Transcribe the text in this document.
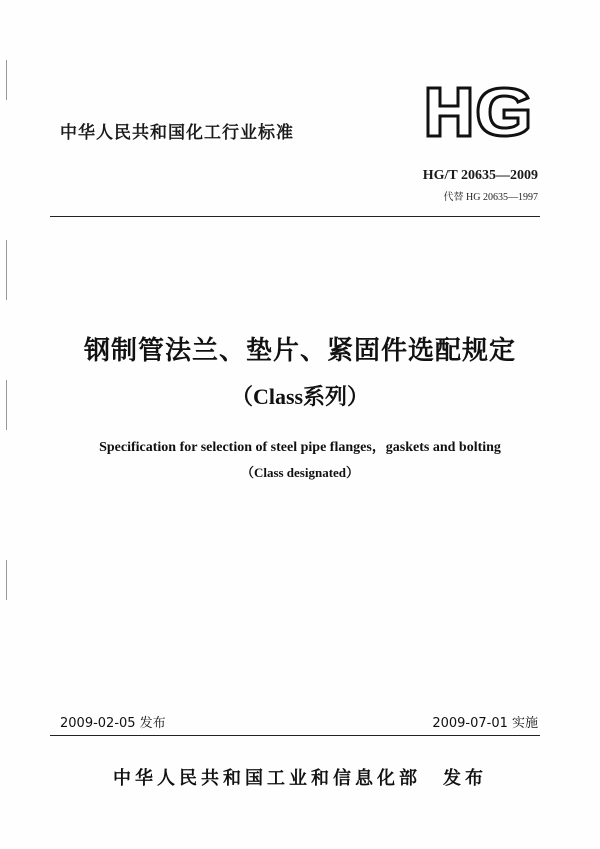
中华人民共和国化工行业标准
HG/T 20635—2009
代替 HG 20635—1997
钢制管法兰、垫片、紧固件选配规定
（Class系列）
Specification for selection of steel pipe flanges，gaskets and bolting
（Class designated）
2009-02-05 发布	2009-07-01 实施
中华人民共和国工业和信息化部　发布
